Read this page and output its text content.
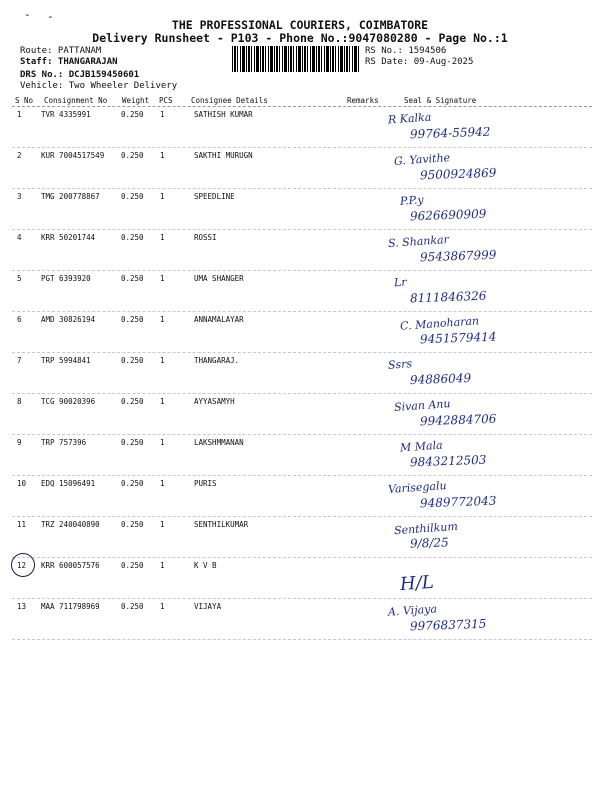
- -
THE PROFESSIONAL COURIERS, COIMBATORE
Delivery Runsheet - P103 - Phone No.:9047080280 - Page No.:1
Route: PATTANAM
Staff: THANGARAJAN
DRS No.: DCJB159450601
Vehicle: Two Wheeler Delivery
RS No.: 1594506
RS Date: 09-Aug-2025
S No Consignment No Weight PCS Consignee Details	Remarks	Seal & Signature
1	TVR 4335991	0.250 1	SATHISH KUMAR	R Kalka
99764-55942
2	KUR 7004517549 0.250 1	SAKTHI MURUGN	G. Yavithe
9500924869
3	TMG 200778867	0.250 1	SPEEDLINE	P.P.y
9626690909
4	KRR 50201744	0.250 1	ROSSI	S. Shankar
9543867999
5	PGT 6393920	0.250 1	UMA SHANGER	Lr
8111846326
6	AMD 30826194	0.250 1	ANNAMALAYAR	C. Manoharan
9451579414
7	TRP 5994841	0.250 1	THANGARAJ.	Ssrs
94886049
8	TCG 90020396	0.250 1	AYYASAMYH	Sivan Anu
9942884706
9	TRP 757396	0.250 1	LAKSHMMANAN	M Mala
9843212503
10 EDQ 15096491	0.250 1	PURIS	Varisegalu
9489772043
11 TRZ 240040890	0.250 1	SENTHILKUMAR	Senthilkum
9/8/25
12 KRR 600057576	0.250 1	K V B
H/L
13 MAA 711798969	0.250 1	VIJAYA	A. Vijaya
9976837315
